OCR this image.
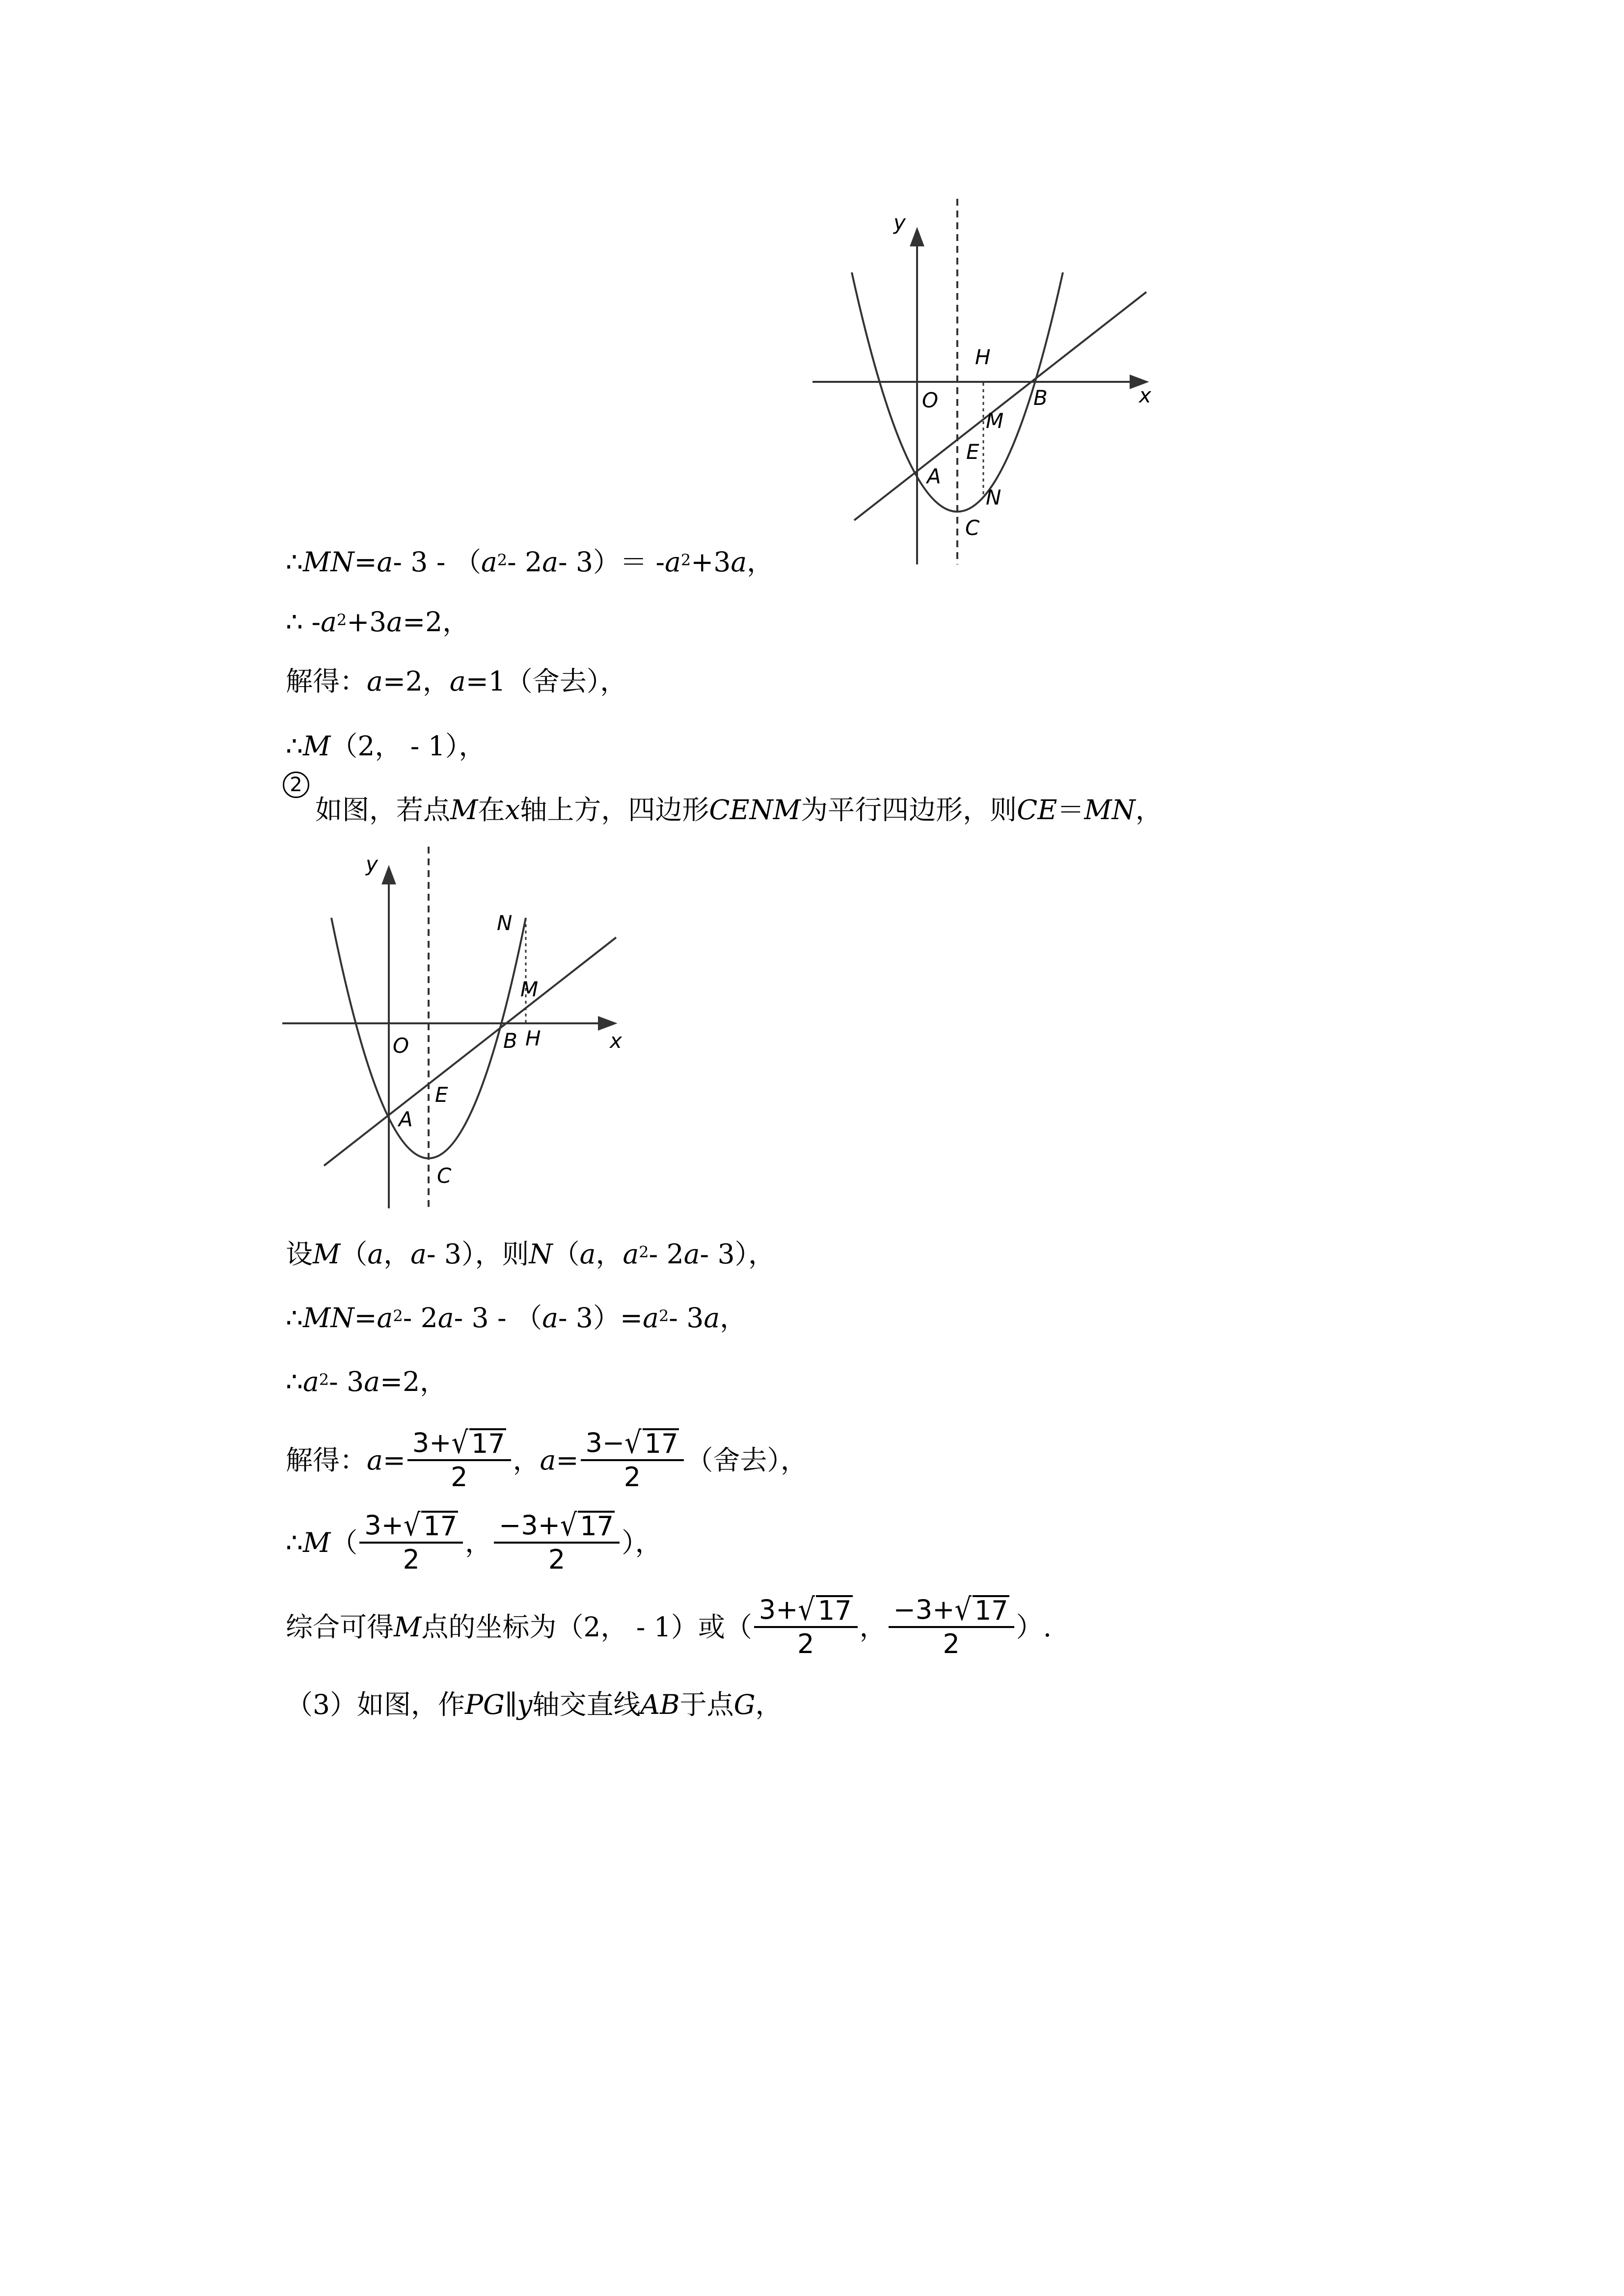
y
x
O
H
B
M
E
A
N
C
y
x
O
N
M
B H
E
A
C
∴ MN = a - 3 - （ $a^2 - 2$ $a - 3)= - a^2 +3$ a ，
∴ - $a^2 +3$ a =2，
解得： a =2， a =1（舍去），
∴ M （2， - 1），
2
如图，若点 M 在 x 轴上方，四边形 CENM 为平行四边形，则 CE ＝ MN ，
设 M （ a ， a - 3），则 N （ a ， $a^2 - 2$ a - 3），
∴ MN = $a^2 - 2$ a - 3 - （ $a - 3)= a^2 - 3$ a ，
∴ $a^2 - 3$ a =2，
解得： $a = \frac{3+ √ 17}{2}$ ， $a = \frac{3- √ 17}{2}$ （舍去），
∴ M （ $\frac{3+ √ 17}{2}$ ， $\frac{-3+ √ 17}{2}$ ），
综合可得 M 点的坐标为（2， - 1）或（ $\frac{3+ √ 17}{2}$ ， $\frac{-3+ √ 17}{2}$ ）.
（3）如图，作 PG ∥ y 轴交直线 AB 于点 G ，
